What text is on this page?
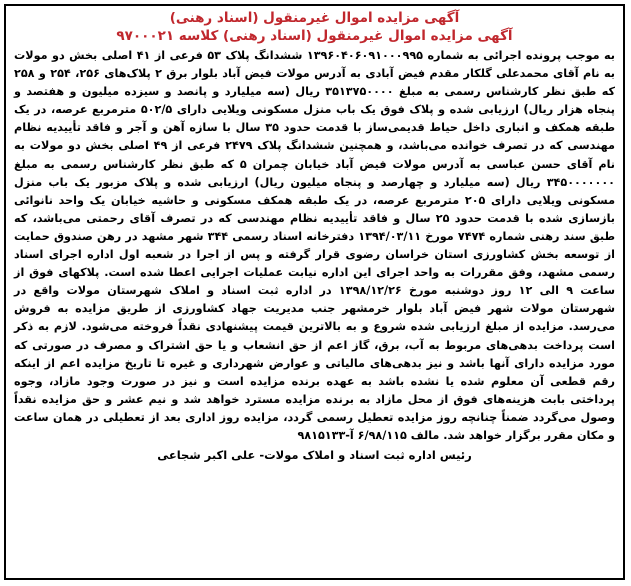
آگهی مزایده اموال غیرمنقول (اسناد رهنی)

آگهی مزایده اموال غیرمنقول (اسناد رهنی) کلاسه ۹۷۰۰۰۲۱

به موجب پرونده اجرائی به شماره ۱۳۹۶۰۴۰۶۰۹۱۰۰۰۹۹۵ ششدانگ پلاک ۵۳ فرعی از ۴۱ اصلی بخش دو مولات به نام آقای محمدعلی گلکار مقدم فیض آبادی به آدرس مولات فیض آباد بلوار برق ۲ پلاک‌های ۲۵۶، ۲۵۴ و ۲۵۸ که طبق نظر کارشناس رسمی به مبلغ ۳۵۱۳۷۵۰۰۰۰ ریال (سه میلیارد و پانصد و سیزده میلیون و هفتصد و پنجاه هزار ریال) ارزیابی شده و پلاک فوق یک باب منزل مسکونی ویلایی دارای ۵۰۲/۵ مترمربع عرصه، در یک طبقه همکف و انباری داخل حیاط قدیمی‌ساز با قدمت حدود ۳۵ سال با سازه آهن و آجر و فاقد تأییدیه نظام مهندسی که در تصرف خوانده می‌باشد، و همچنین ششدانگ پلاک ۲۴۷۹ فرعی از ۴۹ اصلی بخش دو مولات به نام آقای حسن عباسی به آدرس مولات فیض آباد خیابان چمران ۵ که طبق نظر کارشناس رسمی به مبلغ ۳۴۵۰۰۰۰۰۰۰ ریال (سه میلیارد و چهارصد و پنجاه میلیون ریال) ارزیابی شده و پلاک مزبور یک باب منزل مسکونی ویلایی دارای ۲۰۵ مترمربع عرصه، در یک طبقه همکف مسکونی و حاشیه خیابان یک واحد نانوائی بازسازی شده با قدمت حدود ۲۵ سال و فاقد تأییدیه نظام مهندسی که در تصرف آقای رحمتی می‌باشد، که طبق سند رهنی شماره ۷۴۷۴ مورخ ۱۳۹۴/۰۳/۱۱ دفترخانه اسناد رسمی ۳۴۴ شهر مشهد در رهن صندوق حمایت از توسعه بخش کشاورزی استان خراسان رضوی قرار گرفته و پس از اجرا در شعبه اول اداره اجرای اسناد رسمی مشهد، وفق مقررات به واحد اجرای این اداره نیابت عملیات اجرایی اعطا شده است. پلاکهای فوق از ساعت ۹ الی ۱۲ روز دوشنبه مورخ ۱۳۹۸/۱۲/۲۶ در اداره ثبت اسناد و املاک شهرستان مولات واقع در شهرستان مولات شهر فیض آباد بلوار خرمشهر جنب مدیریت جهاد کشاورزی از طریق مزایده به فروش می‌رسد. مزایده از مبلغ ارزیابی شده شروع و به بالاترین قیمت پیشنهادی نقداً فروخته می‌شود. لازم به ذکر است پرداخت بدهی‌های مربوط به آب، برق، گاز اعم از حق انشعاب و یا حق اشتراک و مصرف در صورتی که مورد مزایده دارای آنها باشد و نیز بدهی‌های مالیاتی و عوارض شهرداری و غیره تا تاریخ مزایده اعم از اینکه رقم قطعی آن معلوم شده یا نشده باشد به عهده برنده مزایده است و نیز در صورت وجود مازاد، وجوه پرداختی بابت هزینه‌های فوق از محل مازاد به برنده مزایده مسترد خواهد شد و نیم عشر و حق مزایده نقداً وصول می‌گردد ضمناً چنانچه روز مزایده تعطیل رسمی گردد، مزایده روز اداری بعد از تعطیلی در همان ساعت و مکان مقرر برگزار خواهد شد. مالف ۶/۹۸/۱۱۵ آ-۹۸۱۵۱۳۳

رئیس اداره ثبت اسناد و املاک مولات- علی اکبر شجاعی
